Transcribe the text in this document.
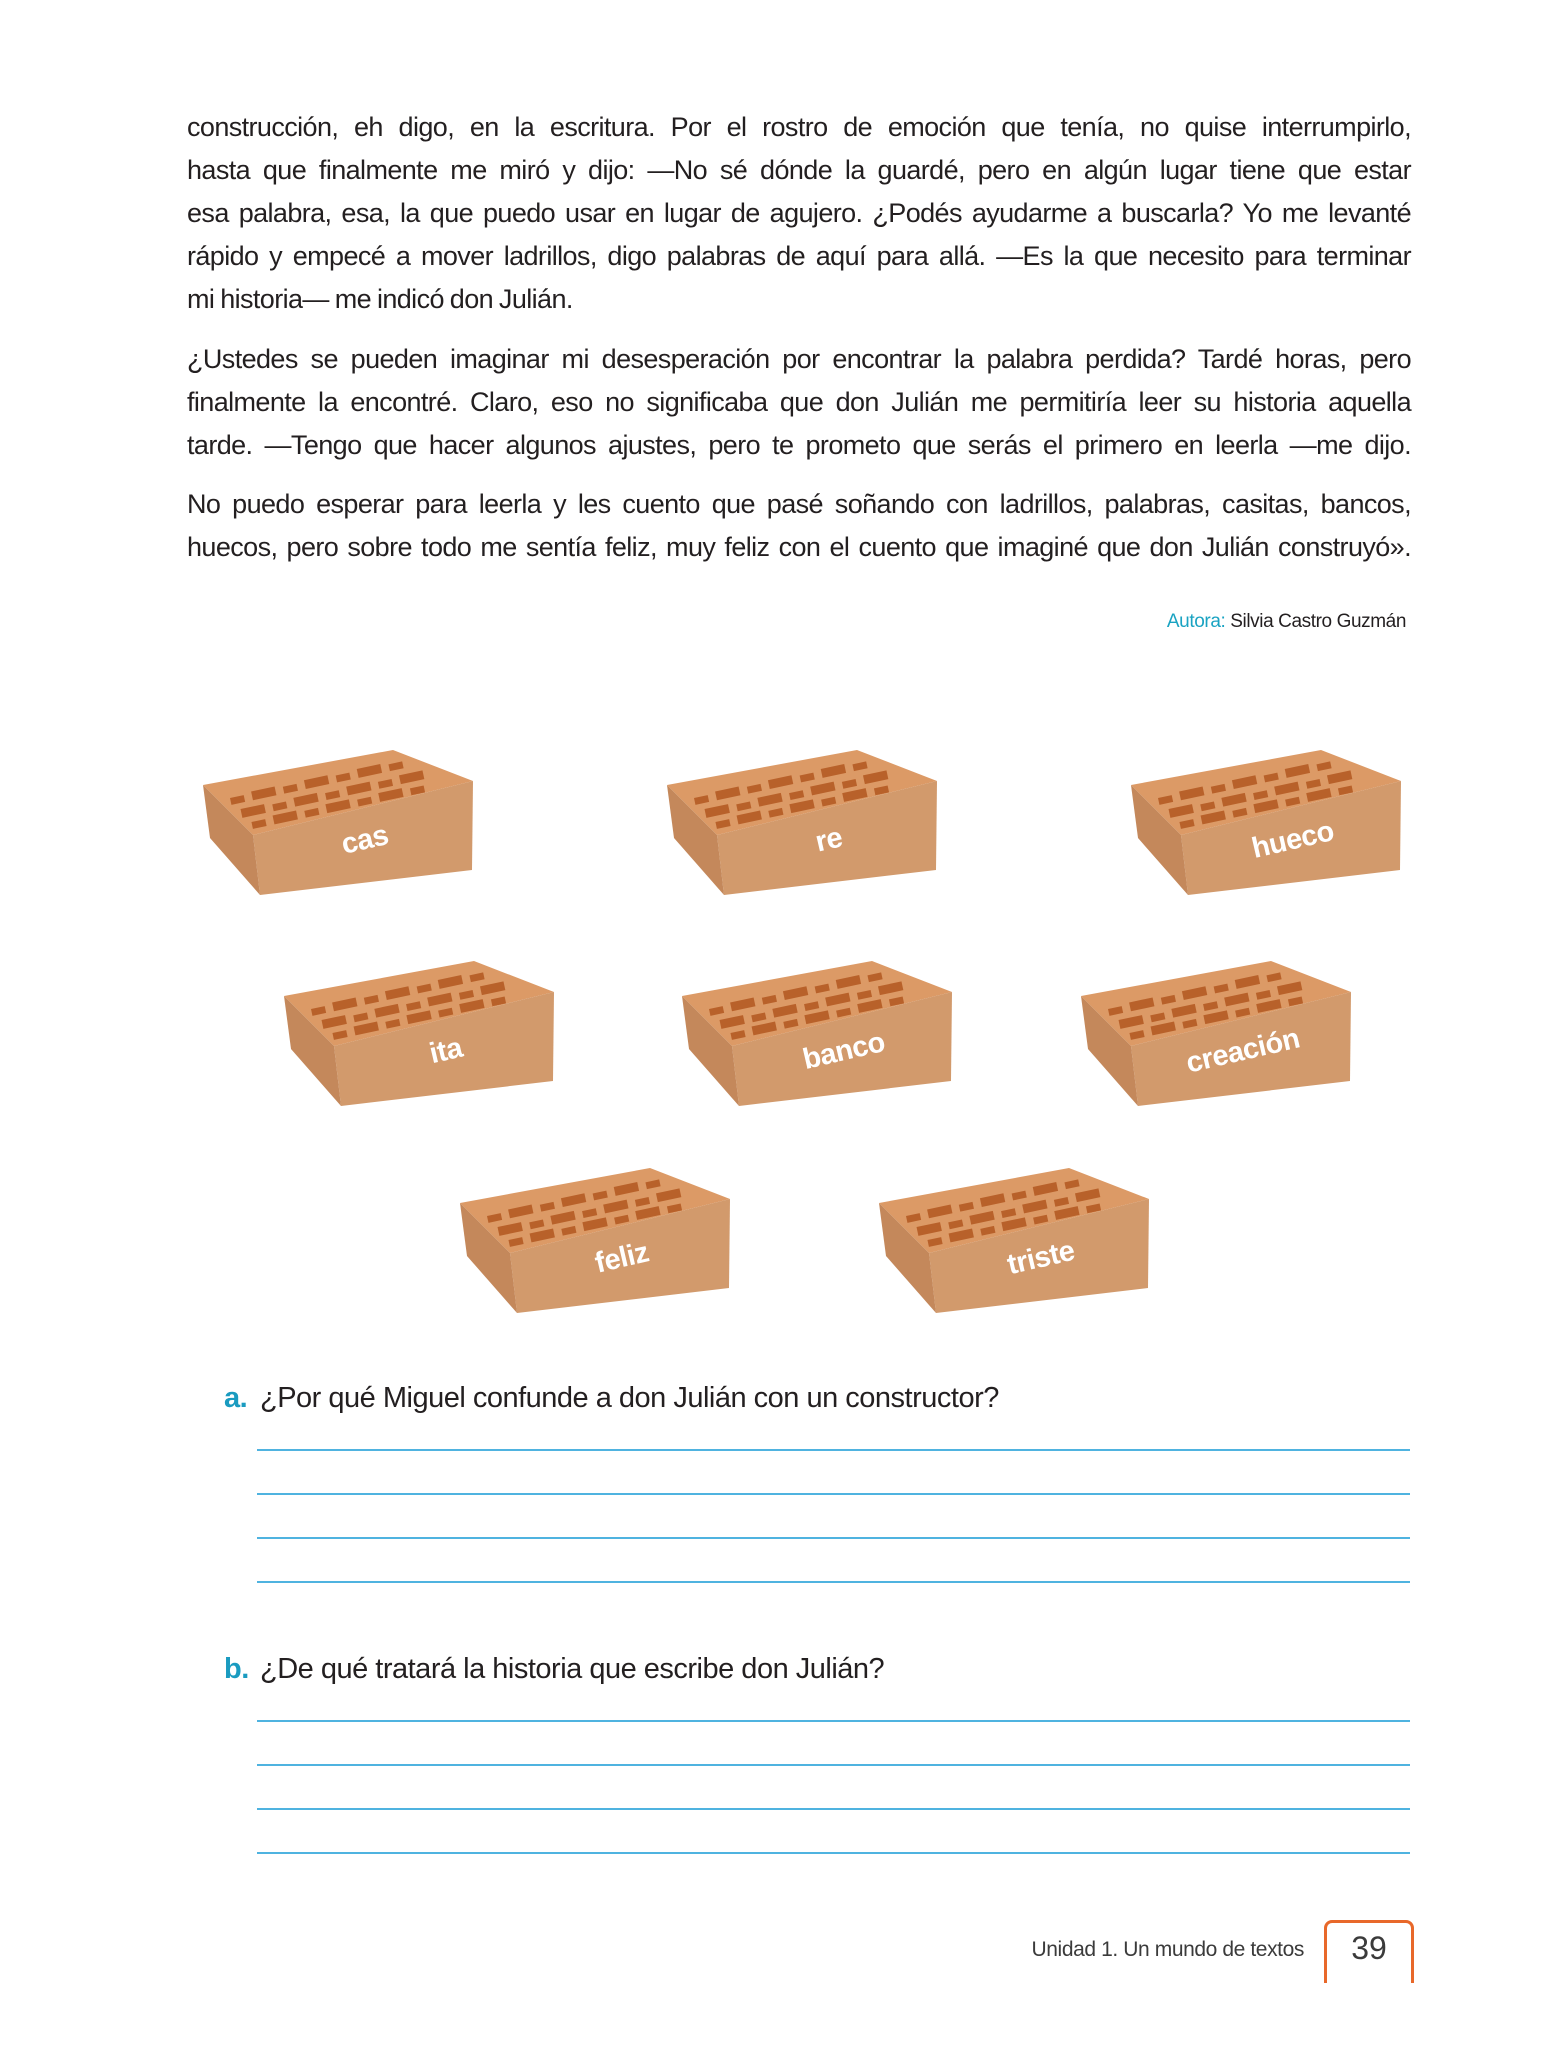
construcción, eh digo, en la escritura. Por el rostro de emoción que tenía, no quise interrumpirlo,
hasta que finalmente me miró y dijo: —No sé dónde la guardé, pero en algún lugar tiene que estar
esa palabra, esa, la que puedo usar en lugar de agujero. ¿Podés ayudarme a buscarla? Yo me levanté
rápido y empecé a mover ladrillos, digo palabras de aquí para allá. —Es la que necesito para terminar
mi historia— me indicó don Julián.
¿Ustedes se pueden imaginar mi desesperación por encontrar la palabra perdida? Tardé horas, pero
finalmente la encontré. Claro, eso no significaba que don Julián me permitiría leer su historia aquella
tarde. —Tengo que hacer algunos ajustes, pero te prometo que serás el primero en leerla —me dijo.
No puedo esperar para leerla y les cuento que pasé soñando con ladrillos, palabras, casitas, bancos,
huecos, pero sobre todo me sentía feliz, muy feliz con el cuento que imaginé que don Julián construyó».
Autora: Silvia Castro Guzmán
cas	re	hueco
ita	banco	creación
feliz	triste
a. ¿Por qué Miguel confunde a don Julián con un constructor?
b. ¿De qué tratará la historia que escribe don Julián?
Unidad 1. Un mundo de textos	39
